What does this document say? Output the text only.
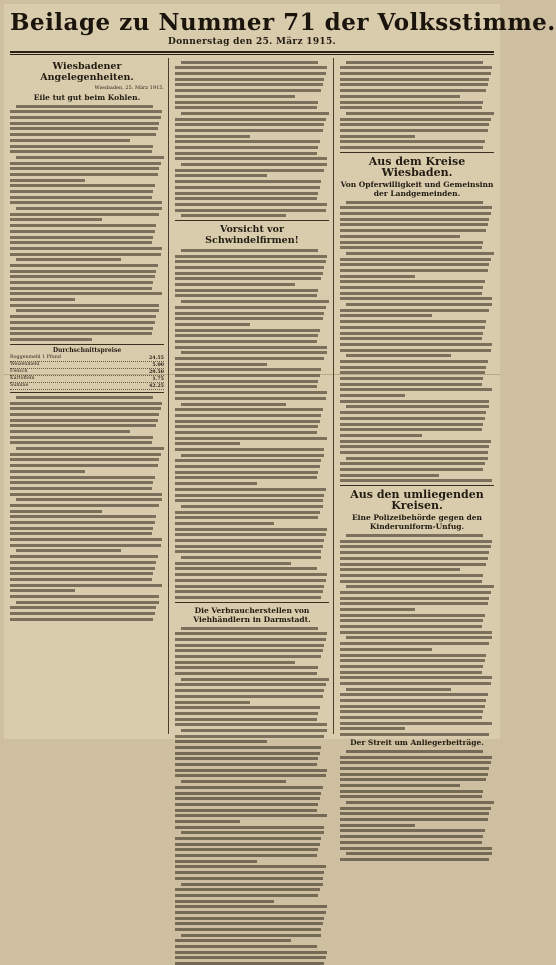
Beilage zu Nummer 71 der Volksstimme.
Donnerstag den 25. März 1915.
Wiesbadener Angelegenheiten.
Wiesbaden, 25. März 1915.
Eile tut gut beim Kohlen.

Durchschnittspreise
Roggenmehl 1 Pfund	24.55
Weizenmehl	5.00
Fleisch	29.50
Kartoffeln	1.75
Summe	42.25

Vorsicht vor Schwindelfirmen!

Die Verbraucherstellen von Viehhändlern in Darmstadt.

Aus dem Kreise Wiesbaden.
Von Opferwilligkeit und Gemeinsinn der Landgemeinden.

Aus den umliegenden Kreisen.
Eine Polizeibehörde gegen den Kinderuniform-Unfug.

Der Streit um Anliegerbeiträge.
